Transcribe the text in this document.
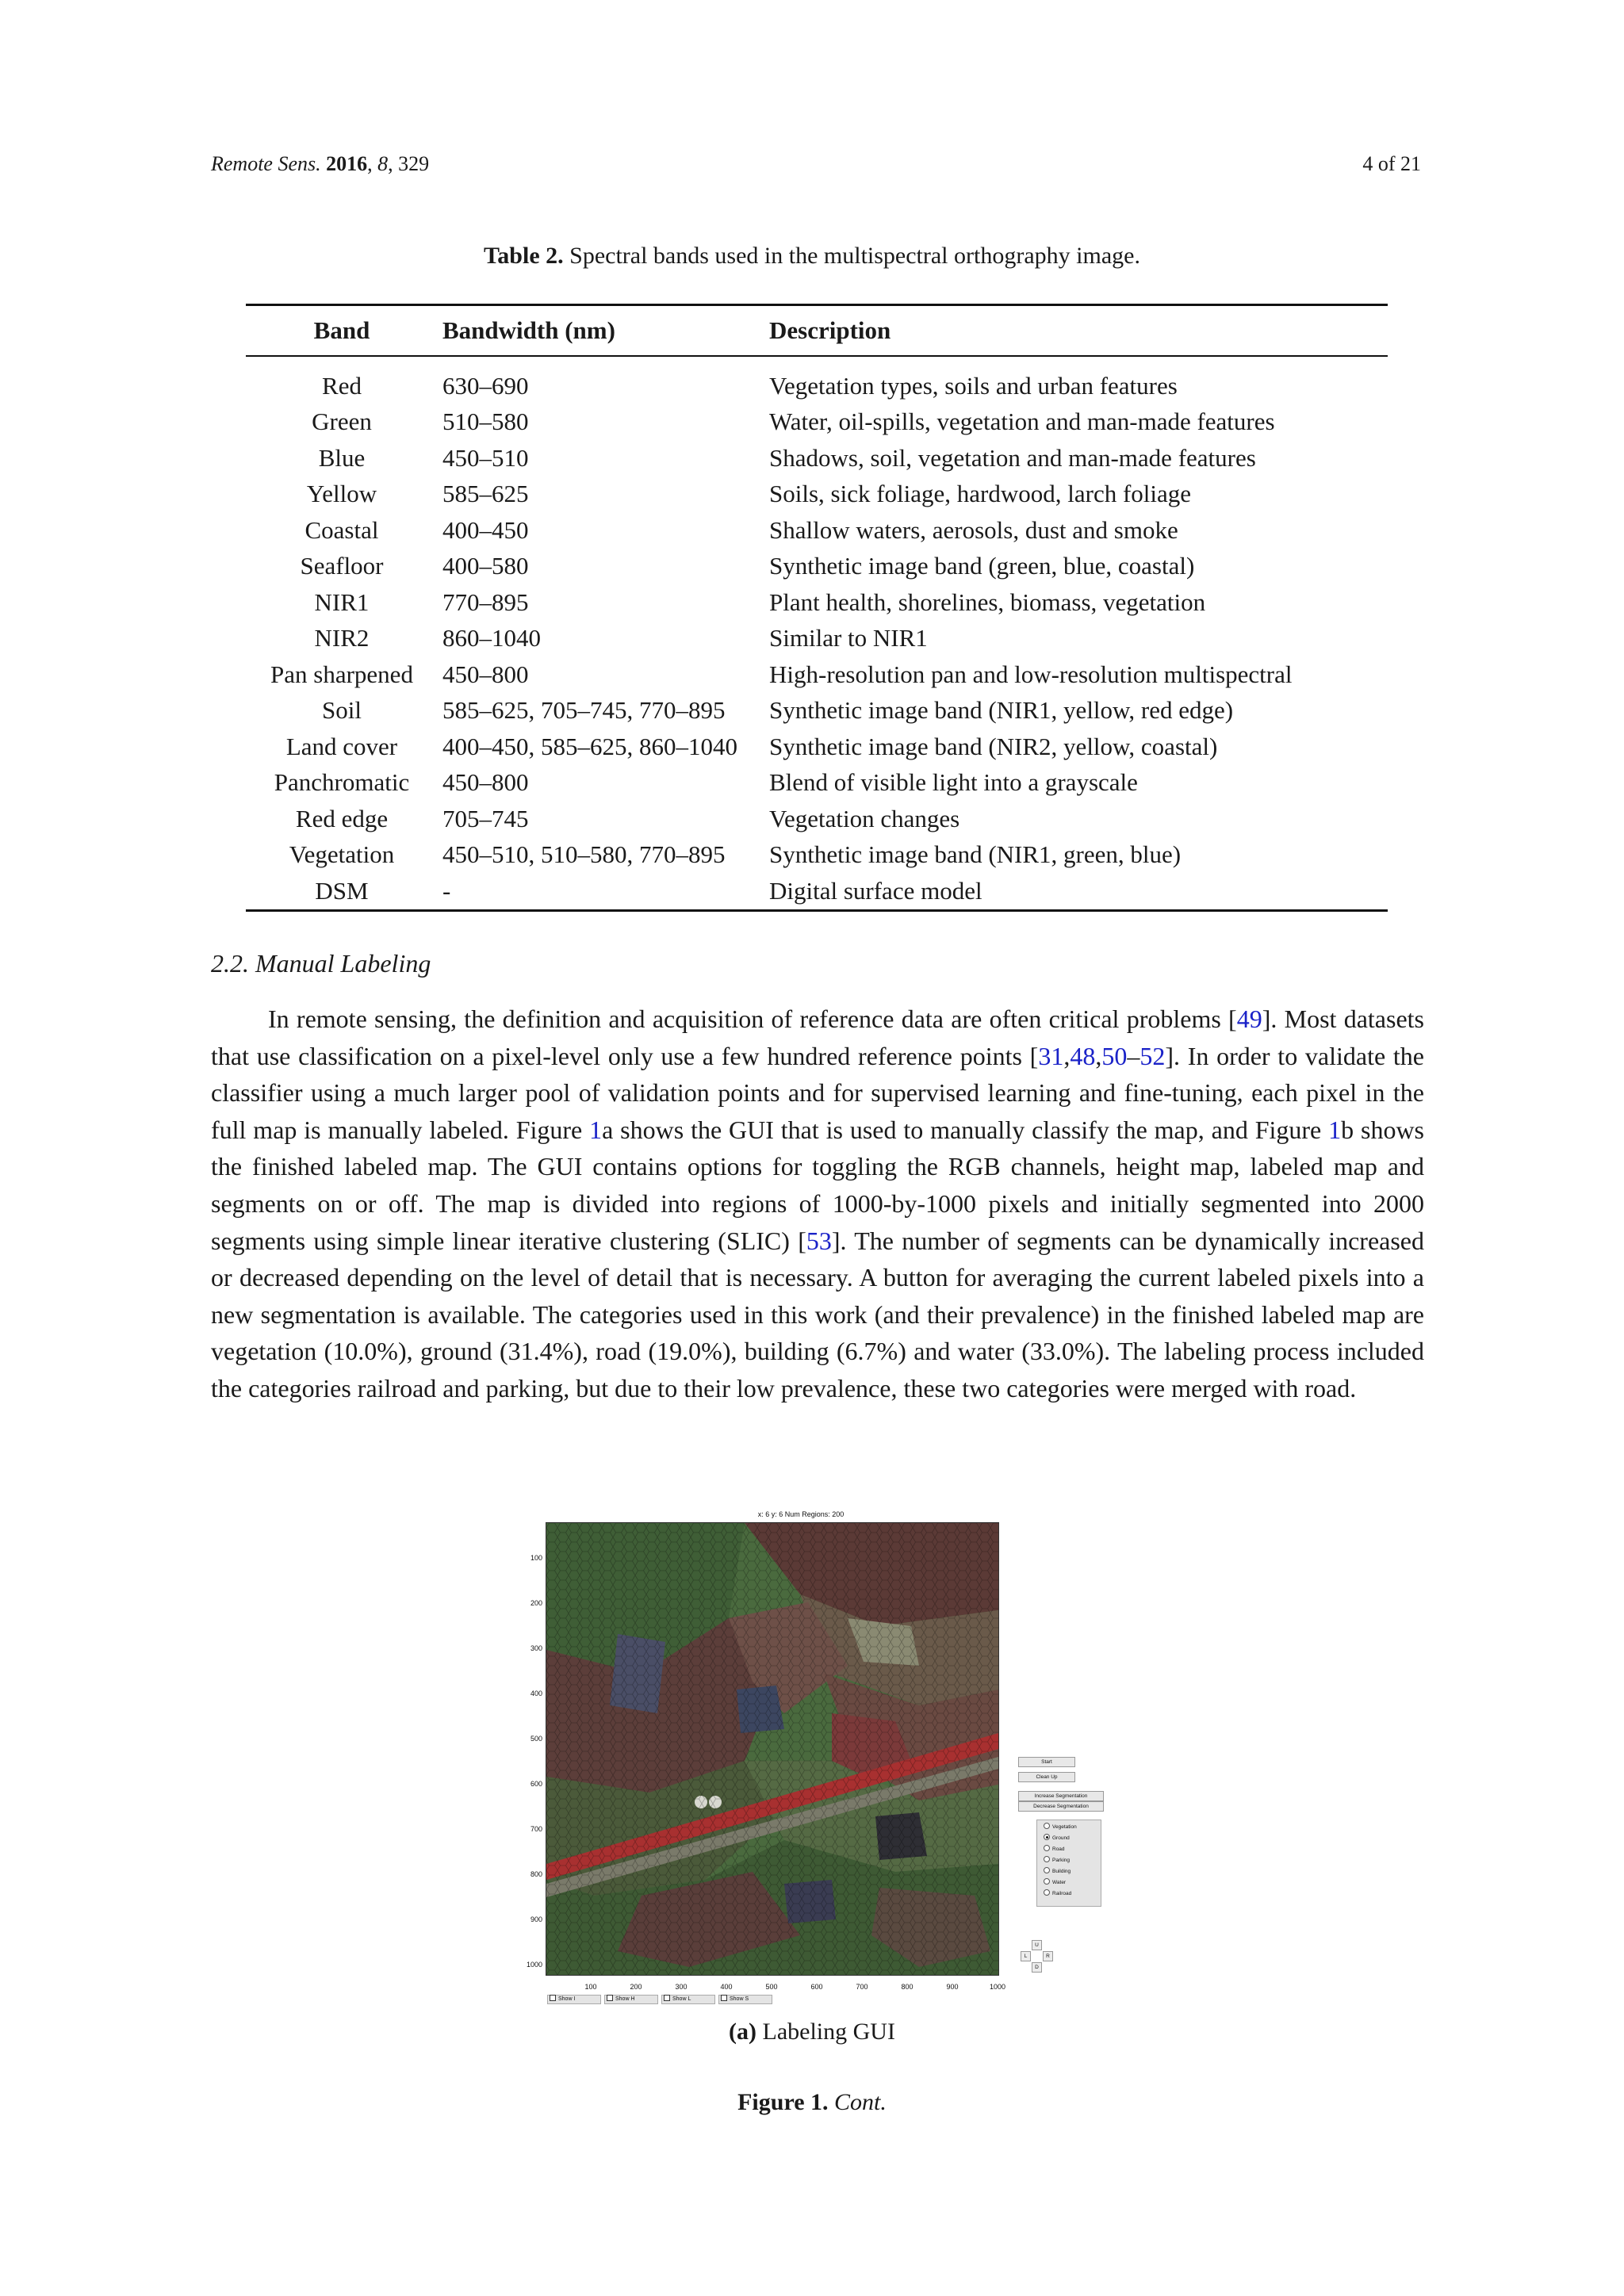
Remote Sens. 2016, 8, 329	4 of 21
Table 2. Spectral bands used in the multispectral orthography image.
Band	Bandwidth (nm)	Description
Red	630–690	Vegetation types, soils and urban features
Green	510–580	Water, oil-spills, vegetation and man-made features
Blue	450–510	Shadows, soil, vegetation and man-made features
Yellow	585–625	Soils, sick foliage, hardwood, larch foliage
Coastal	400–450	Shallow waters, aerosols, dust and smoke
Seafloor	400–580	Synthetic image band (green, blue, coastal)
NIR1	770–895	Plant health, shorelines, biomass, vegetation
NIR2	860–1040	Similar to NIR1
Pan sharpened	450–800	High-resolution pan and low-resolution multispectral
Soil	585–625, 705–745, 770–895	Synthetic image band (NIR1, yellow, red edge)
Land cover	400–450, 585–625, 860–1040	Synthetic image band (NIR2, yellow, coastal)
Panchromatic	450–800	Blend of visible light into a grayscale
Red edge	705–745	Vegetation changes
Vegetation	450–510, 510–580, 770–895	Synthetic image band (NIR1, green, blue)
DSM	-	Digital surface model
2.2. Manual Labeling
In remote sensing, the definition and acquisition of reference data are often critical problems [49]. Most datasets that use classification on a pixel-level only use a few hundred reference points [31,48,50–52]. In order to validate the classifier using a much larger pool of validation points and for supervised learning and fine-tuning, each pixel in the full map is manually labeled. Figure 1a shows the GUI that is used to manually classify the map, and Figure 1b shows the finished labeled map. The GUI contains options for toggling the RGB channels, height map, labeled map and segments on or off. The map is divided into regions of 1000-by-1000 pixels and initially segmented into 2000 segments using simple linear iterative clustering (SLIC) [53]. The number of segments can be dynamically increased or decreased depending on the level of detail that is necessary. A button for averaging the current labeled pixels into a new segmentation is available. The categories used in this work (and their prevalence) in the finished labeled map are vegetation (10.0%), ground (31.4%), road (19.0%), building (6.7%) and water (33.0%). The labeling process included the categories railroad and parking, but due to their low prevalence, these two categories were merged with road.
x: 6 y: 6 Num Regions: 200
100
200
300
400
500
600
700
800
900
1000
100	200	300	400	500	600	700	800	900	1000
Show I	Show H	Show L	Show S
Start
Clean Up
Increase Segmentation
Decrease Segmentation
Vegetation
Ground
Road
Parking
Building
Water
Railroad
U
L	R
D
(a) Labeling GUI
Figure 1. Cont.
